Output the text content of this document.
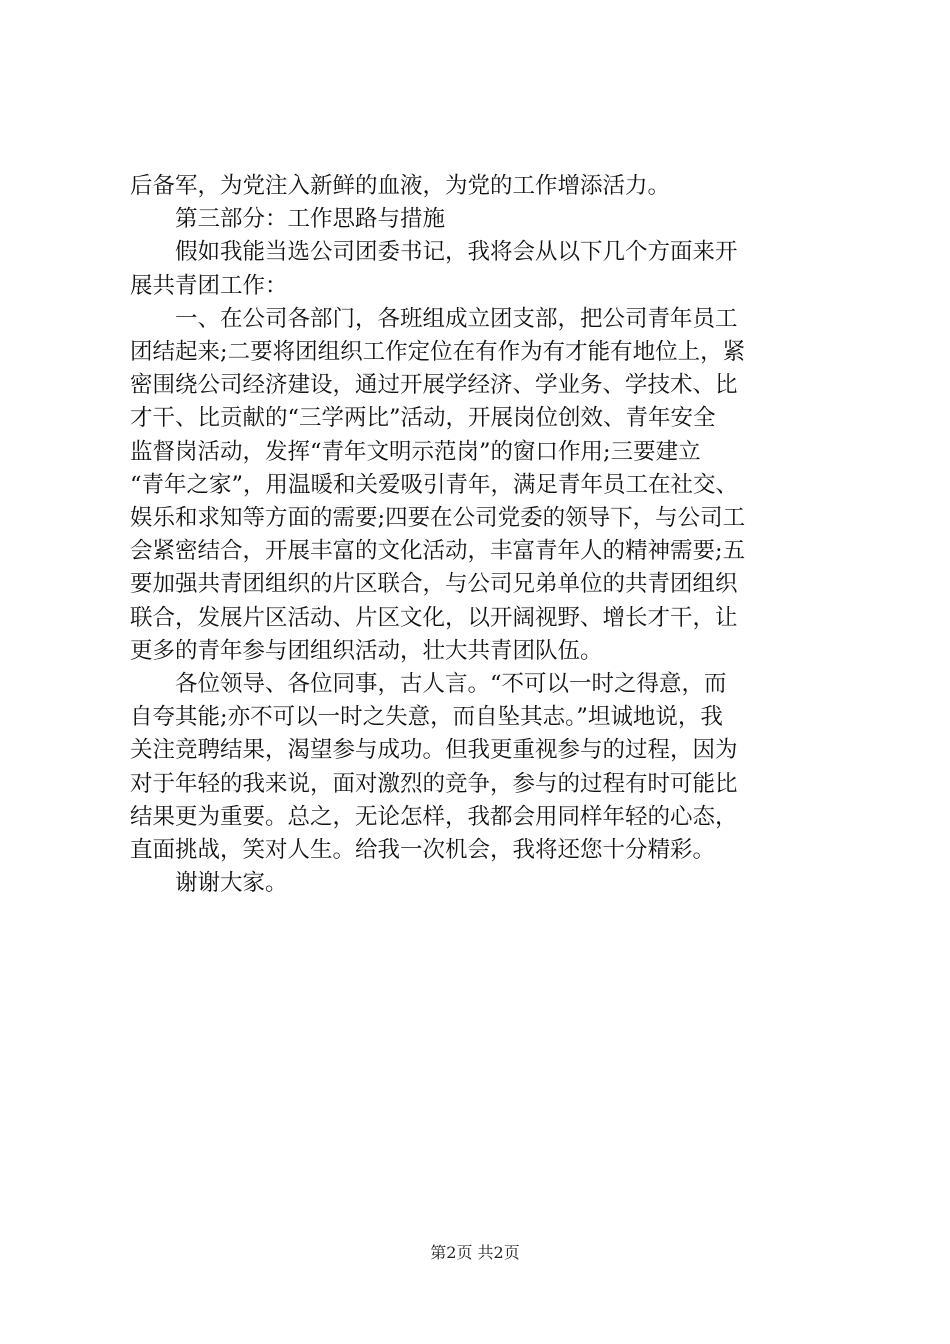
后备军，为党注入新鲜的血液，为党的工作增添活力。

第三部分：工作思路与措施

假如我能当选公司团委书记，我将会从以下几个方面来开
展共青团工作：

一、在公司各部门，各班组成立团支部，把公司青年员工
团结起来;二要将团组织工作定位在有作为有才能有地位上，紧
密围绕公司经济建设，通过开展学经济、学业务、学技术、比
才干、比贡献的“三学两比”活动，开展岗位创效、青年安全
监督岗活动，发挥“青年文明示范岗”的窗口作用;三要建立
“青年之家”，用温暖和关爱吸引青年，满足青年员工在社交、
娱乐和求知等方面的需要;四要在公司党委的领导下，与公司工
会紧密结合，开展丰富的文化活动，丰富青年人的精神需要;五
要加强共青团组织的片区联合，与公司兄弟单位的共青团组织
联合，发展片区活动、片区文化，以开阔视野、增长才干，让
更多的青年参与团组织活动，壮大共青团队伍。

各位领导、各位同事，古人言。“不可以一时之得意，而
自夸其能;亦不可以一时之失意，而自坠其志。”坦诚地说，我
关注竞聘结果，渴望参与成功。但我更重视参与的过程，因为
对于年轻的我来说，面对激烈的竞争，参与的过程有时可能比
结果更为重要。总之，无论怎样，我都会用同样年轻的心态，
直面挑战，笑对人生。给我一次机会，我将还您十分精彩。

谢谢大家。

第2页 共2页
